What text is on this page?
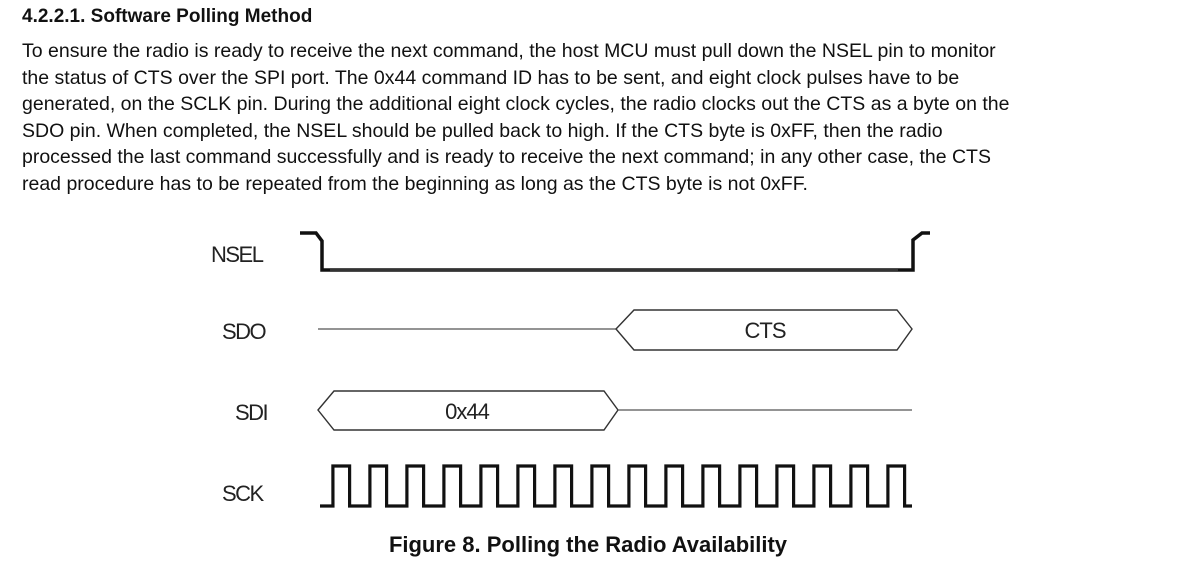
4.2.2.1. Software Polling Method

To ensure the radio is ready to receive the next command, the host MCU must pull down the NSEL pin to monitor
the status of CTS over the SPI port. The 0x44 command ID has to be sent, and eight clock pulses have to be
generated, on the SCLK pin. During the additional eight clock cycles, the radio clocks out the CTS as a byte on the
SDO pin. When completed, the NSEL should be pulled back to high. If the CTS byte is 0xFF, then the radio
processed the last command successfully and is ready to receive the next command; in any other case, the CTS
read procedure has to be repeated from the beginning as long as the CTS byte is not 0xFF.

NSEL
SDO
SDI
SCK
CTS
0x44

Figure 8. Polling the Radio Availability
